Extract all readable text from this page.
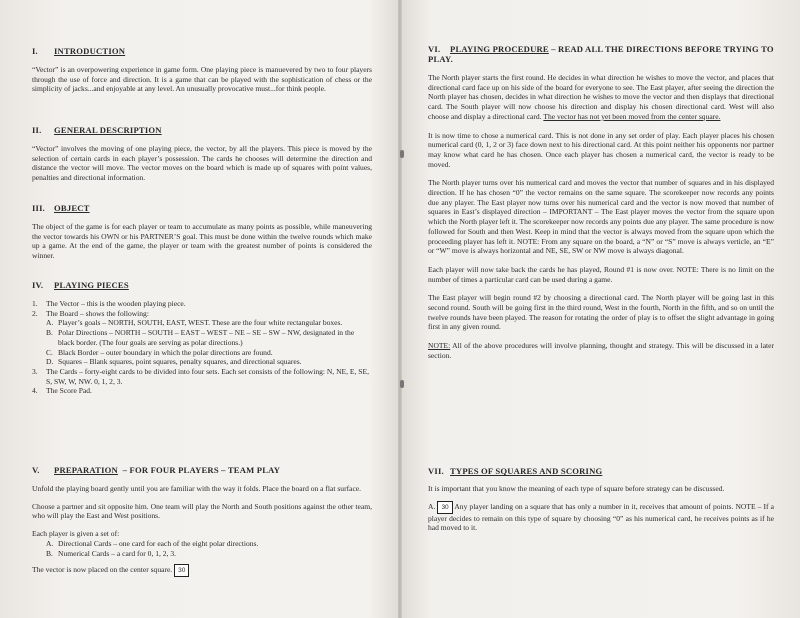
I. INTRODUCTION

“Vector” is an overpowering experience in game form. One playing piece is manuevered by two to four players through the use of force and direction. It is a game that can be played with the sophistication of chess or the simplicity of jacks...and enjoyable at any level. An unusually provocative must...for think people.

II. GENERAL DESCRIPTION

“Vector” involves the moving of one playing piece, the vector, by all the players. This piece is moved by the selection of certain cards in each player’s possession. The cards he chooses will determine the direction and distance the vector will move. The vector moves on the board which is made up of squares with point values, penalties and directional information.

III. OBJECT

The object of the game is for each player or team to accumulate as many points as possible, while maneuvering the vector towards his OWN or his PARTNER’S goal. This must be done within the twelve rounds which make up a game. At the end of the game, the player or team with the greatest number of points is considered the winner.

IV. PLAYING PIECES
1.	The Vector – this is the wooden playing piece.
2.	The Board – shows the following:
A. Player’s goals – NORTH, SOUTH, EAST, WEST. These are the four white rectangular boxes.
B. Polar Directions – NORTH – SOUTH – EAST – WEST – NE – SE – SW – NW, designated in the black border. (The four goals are serving as polar directions.)
C. Black Border – outer boundary in which the polar directions are found.
D. Squares – Blank squares, point squares, penalty squares, and directional squares.
3.	The Cards – forty-eight cards to be divided into four sets. Each set consists of the following: N, NE, E, SE, S, SW, W, NW. 0, 1, 2, 3.
4.	The Score Pad.
V. PREPARATION – FOR FOUR PLAYERS – TEAM PLAY

Unfold the playing board gently until you are familiar with the way it folds. Place the board on a flat surface.

Choose a partner and sit opposite him. One team will play the North and South positions against the other team, who will play the East and West positions.

Each player is given a set of:

A. Directional Cards – one card for each of the eight polar directions.
B. Numerical Cards – a card for 0, 1, 2, 3.

The vector is now placed on the center square. 30

VI. PLAYING PROCEDURE – READ ALL THE DIRECTIONS BEFORE TRYING TO PLAY.

The North player starts the first round. He decides in what direction he wishes to move the vector, and places that directional card face up on his side of the board for everyone to see. The East player, after seeing the direction the North player has chosen, decides in what direction he wishes to move the vector and then displays that directional card. The South player will now choose his direction and display his chosen directional card. West will also choose and display a directional card. The vector has not yet been moved from the center square.

It is now time to chose a numerical card. This is not done in any set order of play. Each player places his chosen numerical card (0, 1, 2 or 3) face down next to his directional card. At this point neither his opponents nor partner may know what card he has chosen. Once each player has chosen a numerical card, the vector is ready to be moved.

The North player turns over his numerical card and moves the vector that number of squares and in his displayed direction. If he has chosen “0” the vector remains on the same square. The scorekeeper now records any points due any player. The East player now turns over his numerical card and the vector is now moved that number of squares in East’s displayed direction – IMPORTANT – The East player moves the vector from the square upon which the North player left it. The scorekeeper now records any points due any player. The same procedure is now followed for South and then West. Keep in mind that the vector is always moved from the square upon which the proceeding player has left it. NOTE: From any square on the board, a “N” or “S” move is always verticle, an “E” or “W” move is always horizontal and NE, SE, SW or NW move is always diagonal.

Each player will now take back the cards he has played, Round #1 is now over. NOTE: There is no limit on the number of times a particular card can be used during a game.

The East player will begin round #2 by choosing a directional card. The North player will be going last in this second round. South will be going first in the third round, West in the fourth, North in the fifth, and so on until the twelve rounds have been played. The reason for rotating the order of play is to offset the slight advantage in going first in any given round.

NOTE: All of the above procedures will involve planning, thought and strategy. This will be discussed in a later section.

VII. TYPES OF SQUARES AND SCORING

It is important that you know the meaning of each type of square before strategy can be discussed.

A. 30 Any player landing on a square that has only a number in it, receives that amount of points. NOTE – If a player decides to remain on this type of square by choosing “0” as his numerical card, he receives points as if he had moved to it.
